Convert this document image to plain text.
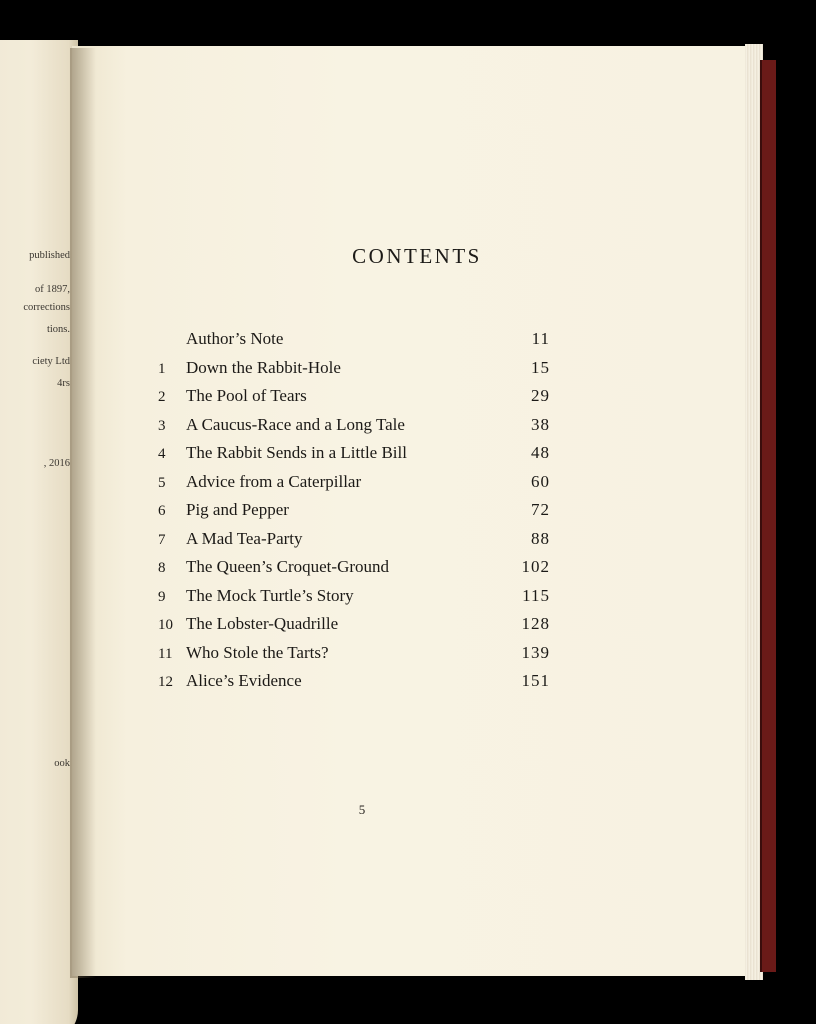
published
of 1897,
corrections
tions.
ciety Ltd
4rs
, 2016
ook
CONTENTS
Author’s Note	11
1	Down the Rabbit-Hole	15
2	The Pool of Tears	29
3	A Caucus-Race and a Long Tale	38
4	The Rabbit Sends in a Little Bill	48
5	Advice from a Caterpillar	60
6	Pig and Pepper	72
7	A Mad Tea-Party	88
8	The Queen’s Croquet-Ground	102
9	The Mock Turtle’s Story	115
10 The Lobster-Quadrille	128
11 Who Stole the Tarts?	139
12 Alice’s Evidence	151
5
